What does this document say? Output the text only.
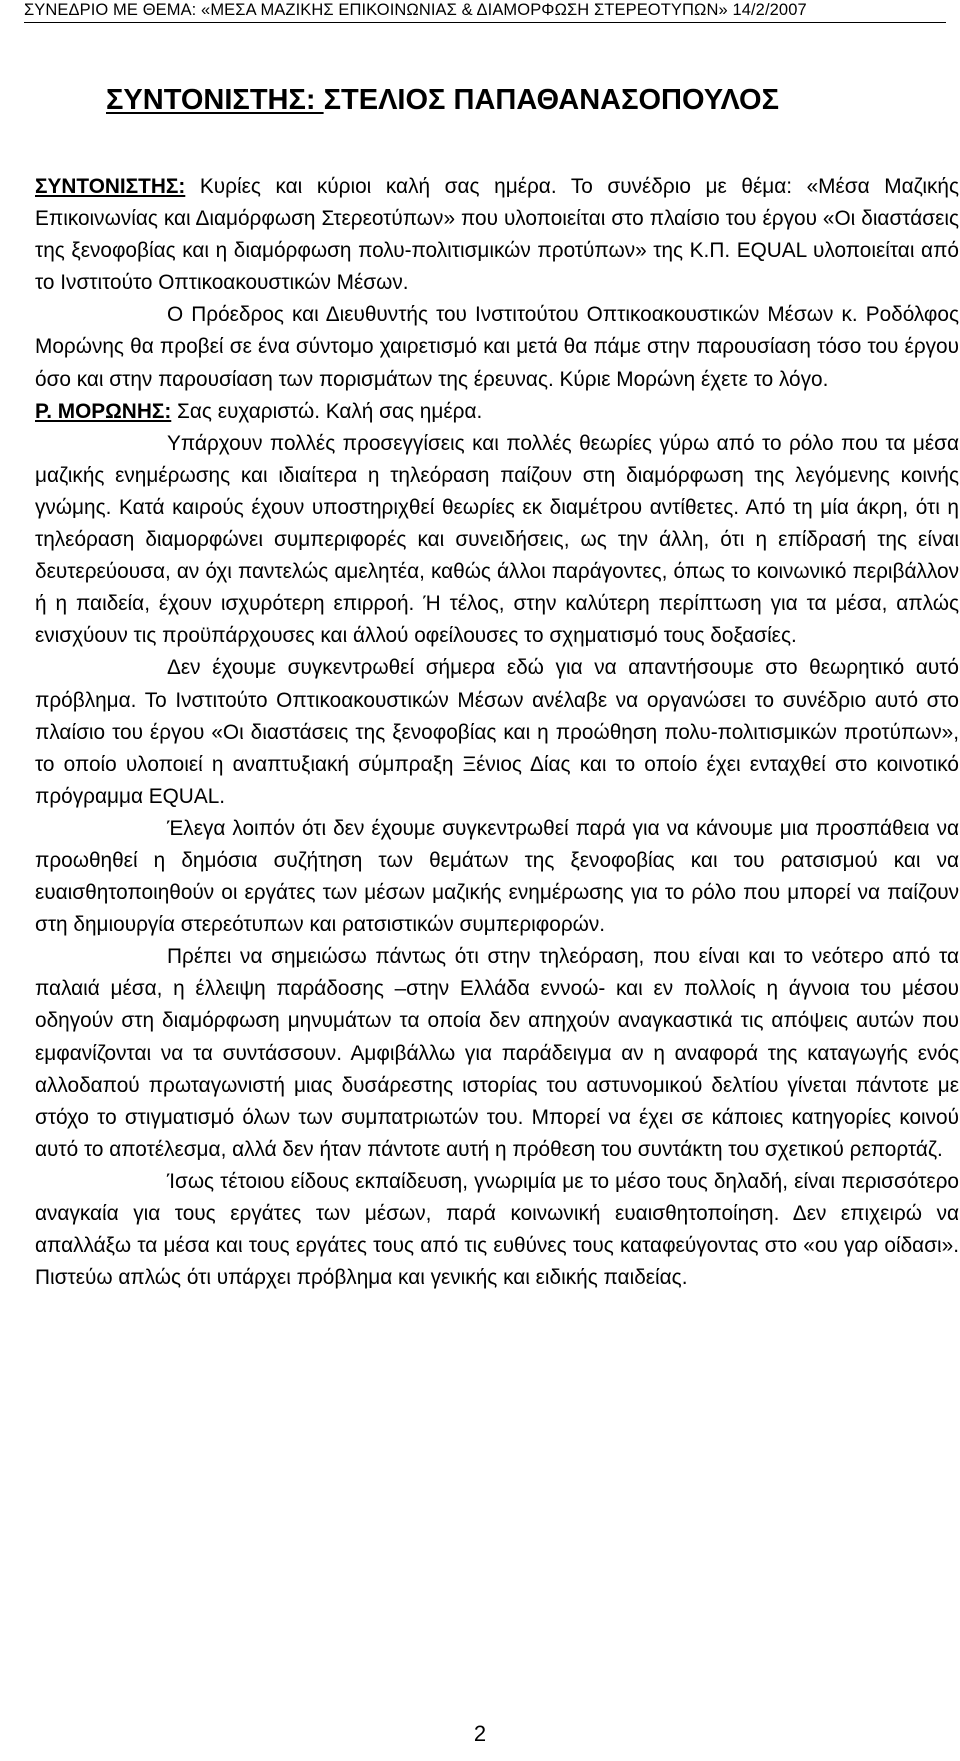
ΣΥΝΕΔΡΙΟ ΜΕ ΘΕΜΑ: «ΜΕΣΑ ΜΑΖΙΚΗΣ ΕΠΙΚΟΙΝΩΝΙΑΣ & ΔΙΑΜΟΡΦΩΣΗ ΣΤΕΡΕΟΤΥΠΩΝ» 14/2/2007
ΣΥΝΤΟΝΙΣΤΗΣ: ΣΤΕΛΙΟΣ ΠΑΠΑΘΑΝΑΣΟΠΟΥΛΟΣ

ΣΥΝΤΟΝΙΣΤΗΣ: Κυρίες και κύριοι καλή σας ημέρα. Το συνέδριο με θέμα: «Μέσα Μαζικής Επικοινωνίας και Διαμόρφωση Στερεοτύπων» που υλοποιείται στο πλαίσιο του έργου «Οι διαστάσεις της ξενοφοβίας και η διαμόρφωση πολυ-πολιτισμικών προτύπων» της Κ.Π. EQUAL υλοποιείται από το Ινστιτούτο Οπτικοακουστικών Μέσων.

Ο Πρόεδρος και Διευθυντής του Ινστιτούτου Οπτικοακουστικών Μέσων κ. Ροδόλφος Μορώνης θα προβεί σε ένα σύντομο χαιρετισμό και μετά θα πάμε στην παρουσίαση τόσο του έργου όσο και στην παρουσίαση των πορισμάτων της έρευνας. Κύριε Μορώνη έχετε το λόγο.

Ρ. ΜΟΡΩΝΗΣ: Σας ευχαριστώ. Καλή σας ημέρα.

Υπάρχουν πολλές προσεγγίσεις και πολλές θεωρίες γύρω από το ρόλο που τα μέσα μαζικής ενημέρωσης και ιδιαίτερα η τηλεόραση παίζουν στη διαμόρφωση της λεγόμενης κοινής γνώμης. Κατά καιρούς έχουν υποστηριχθεί θεωρίες εκ διαμέτρου αντίθετες. Από τη μία άκρη, ότι η τηλεόραση διαμορφώνει συμπεριφορές και συνειδήσεις, ως την άλλη, ότι η επίδρασή της είναι δευτερεύουσα, αν όχι παντελώς αμελητέα, καθώς άλλοι παράγοντες, όπως το κοινωνικό περιβάλλον ή η παιδεία, έχουν ισχυρότερη επιρροή. Ή τέλος, στην καλύτερη περίπτωση για τα μέσα, απλώς ενισχύουν τις προϋπάρχουσες και άλλού οφείλουσες το σχηματισμό τους δοξασίες.

Δεν έχουμε συγκεντρωθεί σήμερα εδώ για να απαντήσουμε στο θεωρητικό αυτό πρόβλημα. Το Ινστιτούτο Οπτικοακουστικών Μέσων ανέλαβε να οργανώσει το συνέδριο αυτό στο πλαίσιο του έργου «Οι διαστάσεις της ξενοφοβίας και η προώθηση πολυ-πολιτισμικών προτύπων», το οποίο υλοποιεί η αναπτυξιακή σύμπραξη Ξένιος Δίας και το οποίο έχει ενταχθεί στο κοινοτικό πρόγραμμα EQUAL.

Έλεγα λοιπόν ότι δεν έχουμε συγκεντρωθεί παρά για να κάνουμε μια προσπάθεια να προωθηθεί η δημόσια συζήτηση των θεμάτων της ξενοφοβίας και του ρατσισμού και να ευαισθητοποιηθούν οι εργάτες των μέσων μαζικής ενημέρωσης για το ρόλο που μπορεί να παίζουν στη δημιουργία στερεότυπων και ρατσιστικών συμπεριφορών.

Πρέπει να σημειώσω πάντως ότι στην τηλεόραση, που είναι και το νεότερο από τα παλαιά μέσα, η έλλειψη παράδοσης –στην Ελλάδα εννοώ- και εν πολλοίς η άγνοια του μέσου οδηγούν στη διαμόρφωση μηνυμάτων τα οποία δεν απηχούν αναγκαστικά τις απόψεις αυτών που εμφανίζονται να τα συντάσσουν. Αμφιβάλλω για παράδειγμα αν η αναφορά της καταγωγής ενός αλλοδαπού πρωταγωνιστή μιας δυσάρεστης ιστορίας του αστυνομικού δελτίου γίνεται πάντοτε με στόχο το στιγματισμό όλων των συμπατριωτών του. Μπορεί να έχει σε κάποιες κατηγορίες κοινού αυτό το αποτέλεσμα, αλλά δεν ήταν πάντοτε αυτή η πρόθεση του συντάκτη του σχετικού ρεπορτάζ.

Ίσως τέτοιου είδους εκπαίδευση, γνωριμία με το μέσο τους δηλαδή, είναι περισσότερο αναγκαία για τους εργάτες των μέσων, παρά κοινωνική ευαισθητοποίηση. Δεν επιχειρώ να απαλλάξω τα μέσα και τους εργάτες τους από τις ευθύνες τους καταφεύγοντας στο «ου γαρ οίδασι». Πιστεύω απλώς ότι υπάρχει πρόβλημα και γενικής και ειδικής παιδείας.

2
